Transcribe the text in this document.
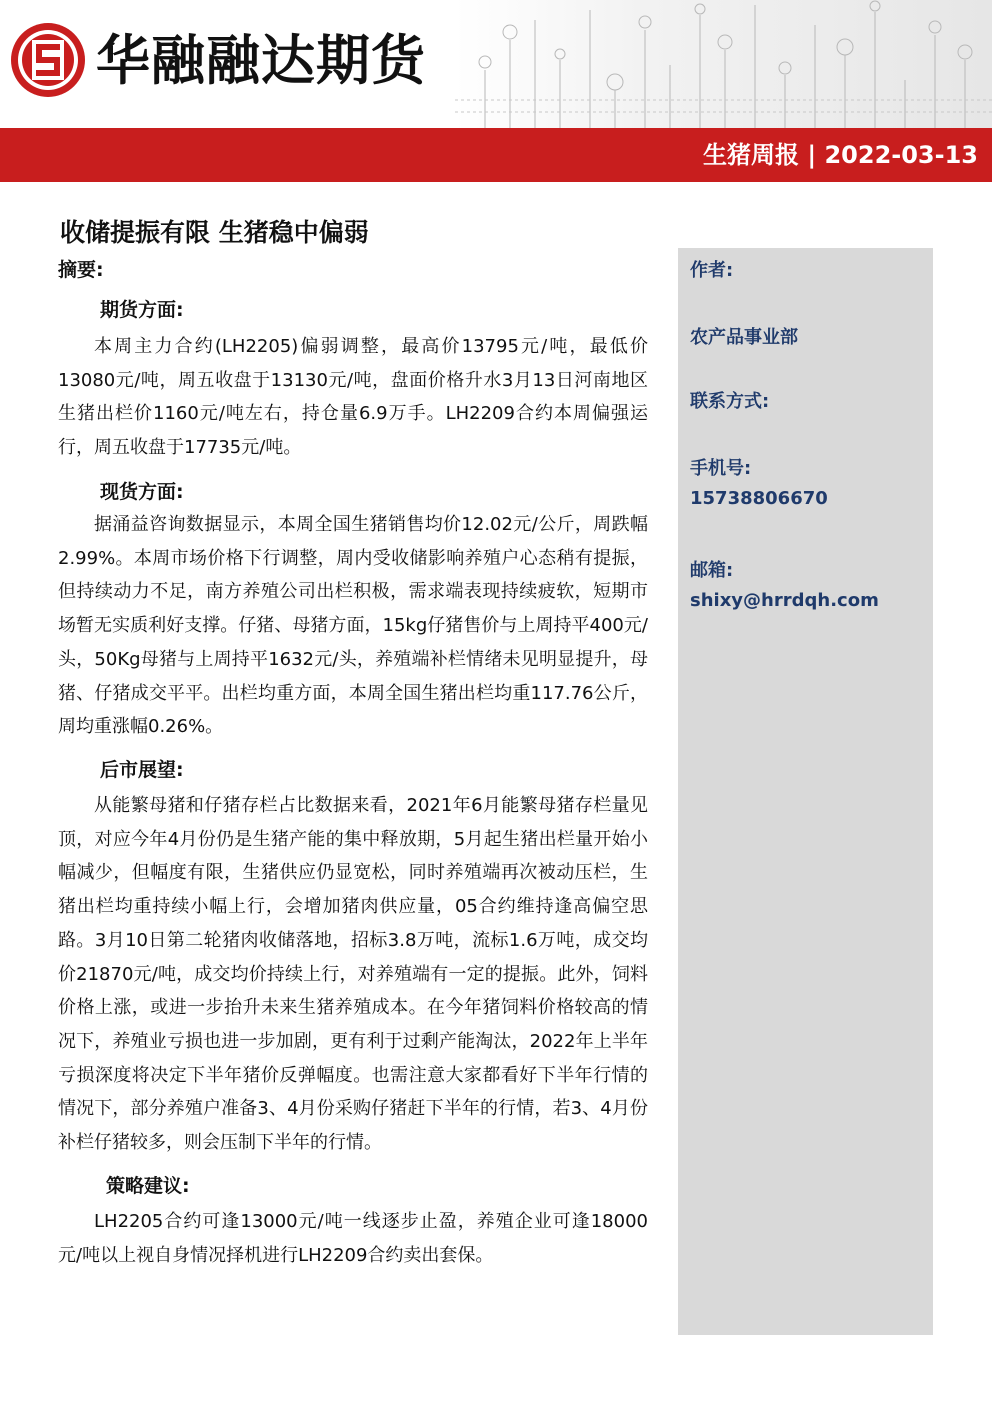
华融融达期货
生猪周报 | 2022-03-13
收储提振有限 生猪稳中偏弱
摘要:
期货方面:
本周主力合约(LH2205)偏弱调整，最高价13795元/吨，最低价13080元/吨，周五收盘于13130元/吨，盘面价格升水3月13日河南地区生猪出栏价1160元/吨左右，持仓量6.9万手。LH2209合约本周偏强运行，周五收盘于17735元/吨。
现货方面:
据涌益咨询数据显示，本周全国生猪销售均价12.02元/公斤，周跌幅2.99%。本周市场价格下行调整，周内受收储影响养殖户心态稍有提振，但持续动力不足，南方养殖公司出栏积极，需求端表现持续疲软，短期市场暂无实质利好支撑。仔猪、母猪方面，15kg仔猪售价与上周持平400元/头，50Kg母猪与上周持平1632元/头，养殖端补栏情绪未见明显提升，母猪、仔猪成交平平。出栏均重方面，本周全国生猪出栏均重117.76公斤，周均重涨幅0.26%。
后市展望:
从能繁母猪和仔猪存栏占比数据来看，2021年6月能繁母猪存栏量见顶，对应今年4月份仍是生猪产能的集中释放期，5月起生猪出栏量开始小幅减少，但幅度有限，生猪供应仍显宽松，同时养殖端再次被动压栏，生猪出栏均重持续小幅上行，会增加猪肉供应量，05合约维持逢高偏空思路。3月10日第二轮猪肉收储落地，招标3.8万吨，流标1.6万吨，成交均价21870元/吨，成交均价持续上行，对养殖端有一定的提振。此外，饲料价格上涨，或进一步抬升未来生猪养殖成本。在今年猪饲料价格较高的情况下，养殖业亏损也进一步加剧，更有利于过剩产能淘汰，2022年上半年亏损深度将决定下半年猪价反弹幅度。也需注意大家都看好下半年行情的情况下，部分养殖户准备3、4月份采购仔猪赶下半年的行情，若3、4月份补栏仔猪较多，则会压制下半年的行情。
策略建议:
LH2205合约可逢13000元/吨一线逐步止盈，养殖企业可逢18000元/吨以上视自身情况择机进行LH2209合约卖出套保。
作者:
农产品事业部
联系方式:
手机号:
15738806670
邮箱:
shixy@hrrdqh.com
